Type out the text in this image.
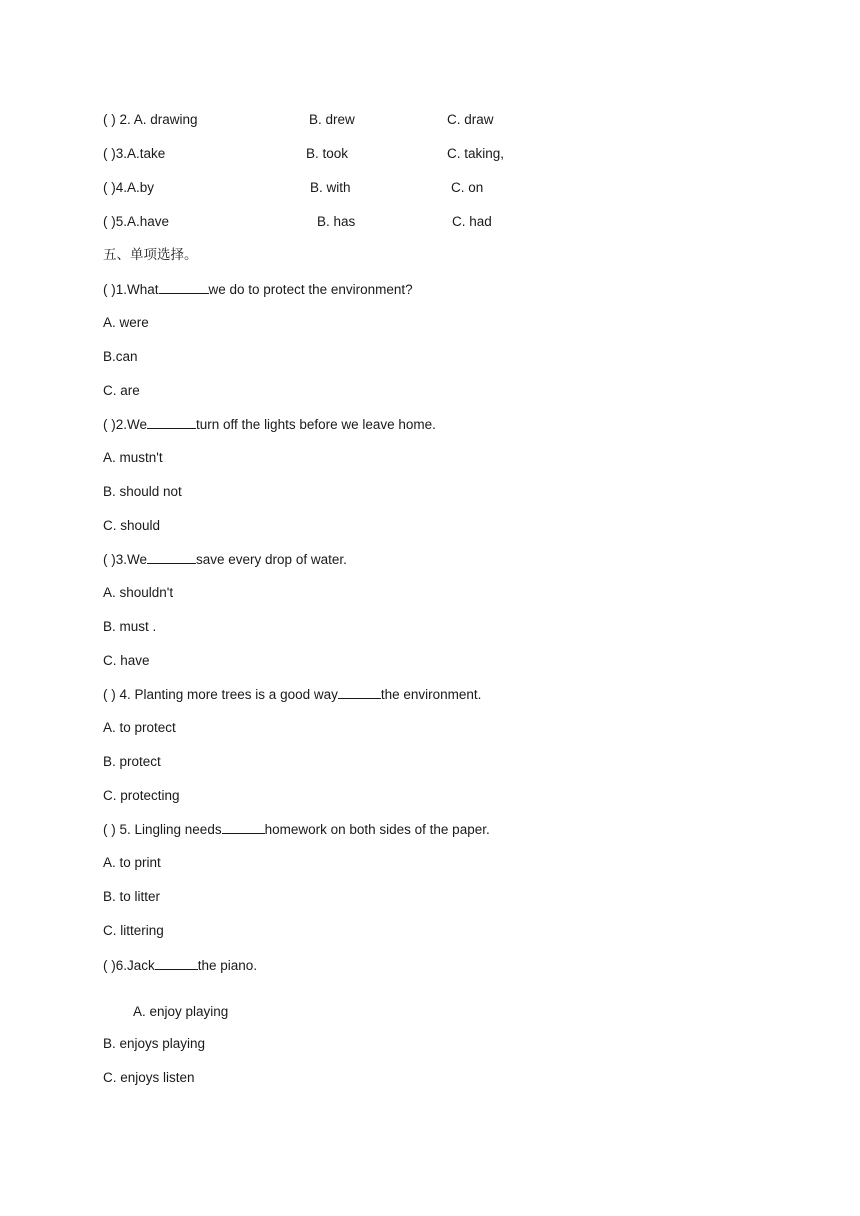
( ) 2. A. drawing	B. drew	C. draw
( )3.A.take	B. took	C. taking,
( )4.A.by	B. with	C. on
( )5.A.have	B. has	C. had
五、单项选择。
( )1.What	we do to protect the environment?
A. were
B.can
C. are
( )2.We	turn off the lights before we leave home.
A. mustn't
B. should not
C. should
( )3.We	save every drop of water.
A. shouldn't
B. must .
C. have
( ) 4. Planting more trees is a good way	the environment.
A. to protect
B. protect
C. protecting
( ) 5. Lingling needs	homework on both sides of the paper.
A. to print
B. to litter
C. littering
( )6.Jack	the piano.
A. enjoy playing
B. enjoys playing
C. enjoys listen
